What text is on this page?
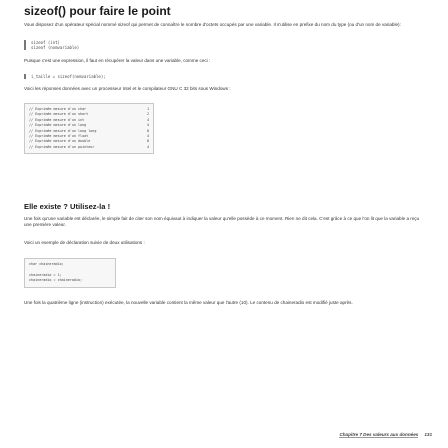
sizeof() pour faire le point

Vous disposez d'un opérateur spécial nommé sizeof qui permet de connaître le nombre d'octets occupés par une variable. Il s'utilise en prefixe du nom du type (ou d'un nom de variable):

sizeof (int)
sizeof (nomvariable)

Puisque c'est une expression, il faut en récupérer la valeur dans une variable, comme ceci :

i_taille = sizeof(nomvariable);

Voici les réponses données avec un processeur Intel et le compilateur GNU C 32 bits sous Windows :

// Exprimée mesure d'un char	1
// Exprimée mesure d'un short	2
// Exprimée mesure d'un int	4
// Exprimée mesure d'un long	4
// Exprimée mesure d'un long long	8
// Exprimée mesure d'un float	4
// Exprimée mesure d'un double	8
// Exprimée mesure d'un pointeur	4
Elle existe ? Utilisez-la !

Une fois qu'une variable est déclarée, le simple fait de citer son nom équivaut à indiquer la valeur qu'elle possède à ce moment. Rien ne dit cela. C'est grâce à ce que l'on lit que la variable a reçu une première valeur.

Voici un exemple de déclaration suivie de deux utilisations :

char chaineradio;
chaineradio = 1;
chaineradio = chaineradio;

Une fois la quatrième ligne (instruction) exécutée, la nouvelle variable contient la même valeur que l'autre (10). Le contenu de chaineradio est modifié juste après.

Chapitre 7 Des valeurs aux données 131
